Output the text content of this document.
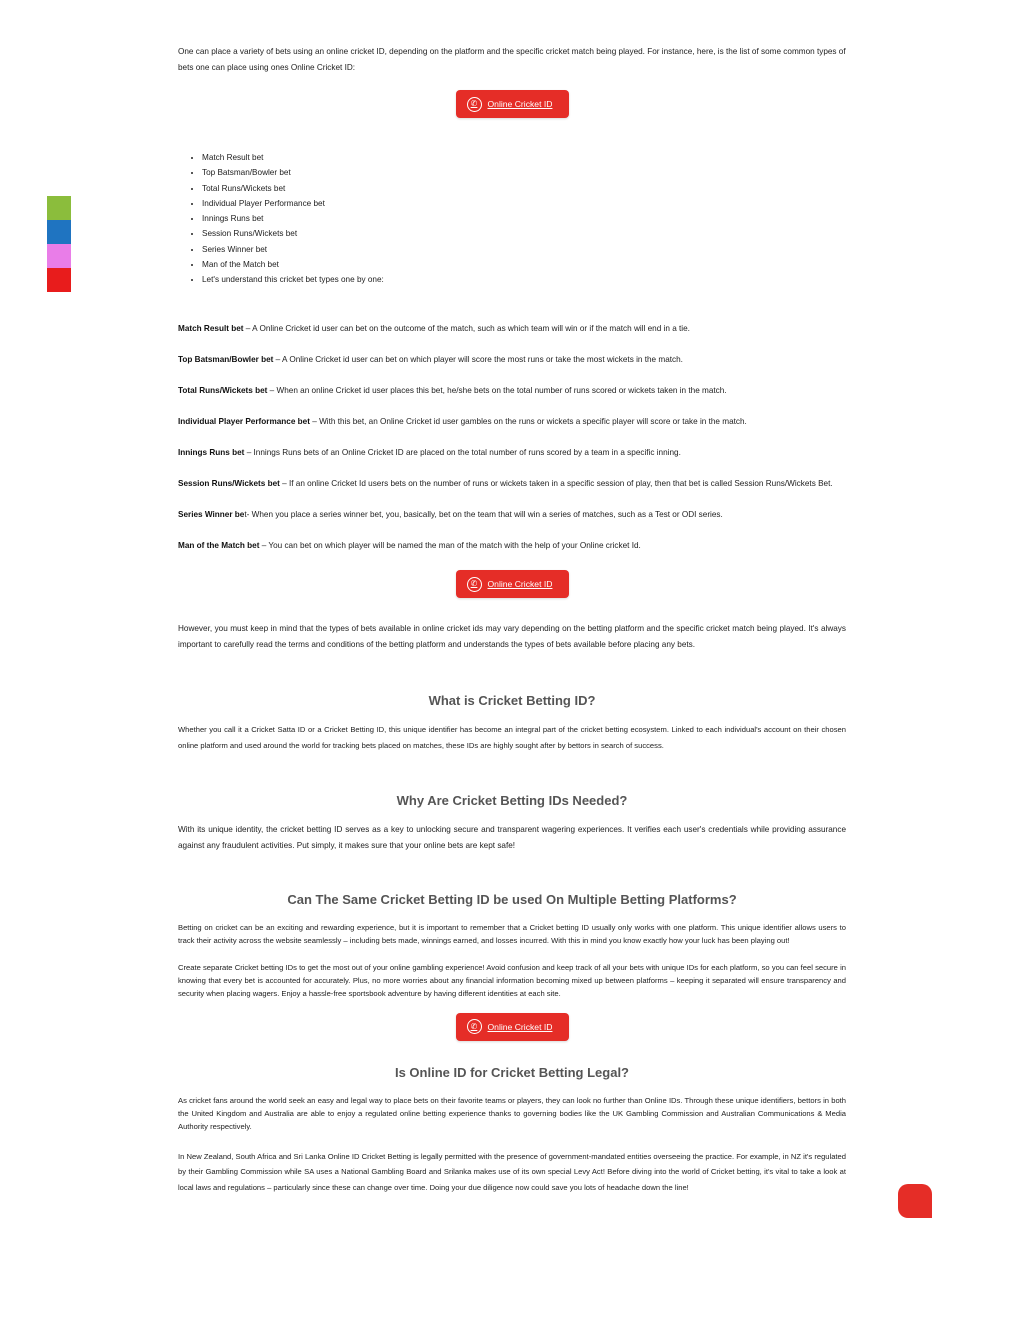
One can place a variety of bets using an online cricket ID, depending on the platform and the specific cricket match being played. For instance, here, is the list of some common types of bets one can place using ones Online Cricket ID:

✆	Online Cricket ID
• Match Result bet
• Top Batsman/Bowler bet
• Total Runs/Wickets bet
• Individual Player Performance bet
• Innings Runs bet
• Session Runs/Wickets bet
• Series Winner bet
• Man of the Match bet
• Let's understand this cricket bet types one by one:

Match Result bet – A Online Cricket id user can bet on the outcome of the match, such as which team will win or if the match will end in a tie.

Top Batsman/Bowler bet – A Online Cricket id user can bet on which player will score the most runs or take the most wickets in the match.

Total Runs/Wickets bet – When an online Cricket id user places this bet, he/she bets on the total number of runs scored or wickets taken in the match.

Individual Player Performance bet – With this bet, an Online Cricket id user gambles on the runs or wickets a specific player will score or take in the match.

Innings Runs bet – Innings Runs bets of an Online Cricket ID are placed on the total number of runs scored by a team in a specific inning.

Session Runs/Wickets bet – If an online Cricket Id users bets on the number of runs or wickets taken in a specific session of play, then that bet is called Session Runs/Wickets Bet.

Series Winner bet- When you place a series winner bet, you, basically, bet on the team that will win a series of matches, such as a Test or ODI series.

Man of the Match bet – You can bet on which player will be named the man of the match with the help of your Online cricket Id.

✆	Online Cricket ID

However, you must keep in mind that the types of bets available in online cricket ids may vary depending on the betting platform and the specific cricket match being played. It's always important to carefully read the terms and conditions of the betting platform and understands the types of bets available before placing any bets.

What is Cricket Betting ID?

Whether you call it a Cricket Satta ID or a Cricket Betting ID, this unique identifier has become an integral part of the cricket betting ecosystem. Linked to each individual's account on their chosen online platform and used around the world for tracking bets placed on matches, these IDs are highly sought after by bettors in search of success.

Why Are Cricket Betting IDs Needed?

With its unique identity, the cricket betting ID serves as a key to unlocking secure and transparent wagering experiences. It verifies each user's credentials while providing assurance against any fraudulent activities. Put simply, it makes sure that your online bets are kept safe!

Can The Same Cricket Betting ID be used On Multiple Betting Platforms?

Betting on cricket can be an exciting and rewarding experience, but it is important to remember that a Cricket betting ID usually only works with one platform. This unique identifier allows users to track their activity across the website seamlessly – including bets made, winnings earned, and losses incurred. With this in mind you know exactly how your luck has been playing out!

Create separate Cricket betting IDs to get the most out of your online gambling experience! Avoid confusion and keep track of all your bets with unique IDs for each platform, so you can feel secure in knowing that every bet is accounted for accurately. Plus, no more worries about any financial information becoming mixed up between platforms – keeping it separated will ensure transparency and security when placing wagers. Enjoy a hassle-free sportsbook adventure by having different identities at each site.

✆	Online Cricket ID
Is Online ID for Cricket Betting Legal?

As cricket fans around the world seek an easy and legal way to place bets on their favorite teams or players, they can look no further than Online IDs. Through these unique identifiers, bettors in both the United Kingdom and Australia are able to enjoy a regulated online betting experience thanks to governing bodies like the UK Gambling Commission and Australian Communications & Media Authority respectively.

In New Zealand, South Africa and Sri Lanka Online ID Cricket Betting is legally permitted with the presence of government-mandated entities overseeing the practice. For example, in NZ it's regulated by their Gambling Commission while SA uses a National Gambling Board and Srilanka makes use of its own special Levy Act! Before diving into the world of Cricket betting, it's vital to take a look at local laws and regulations – particularly since these can change over time. Doing your due diligence now could save you lots of headache down the line!
